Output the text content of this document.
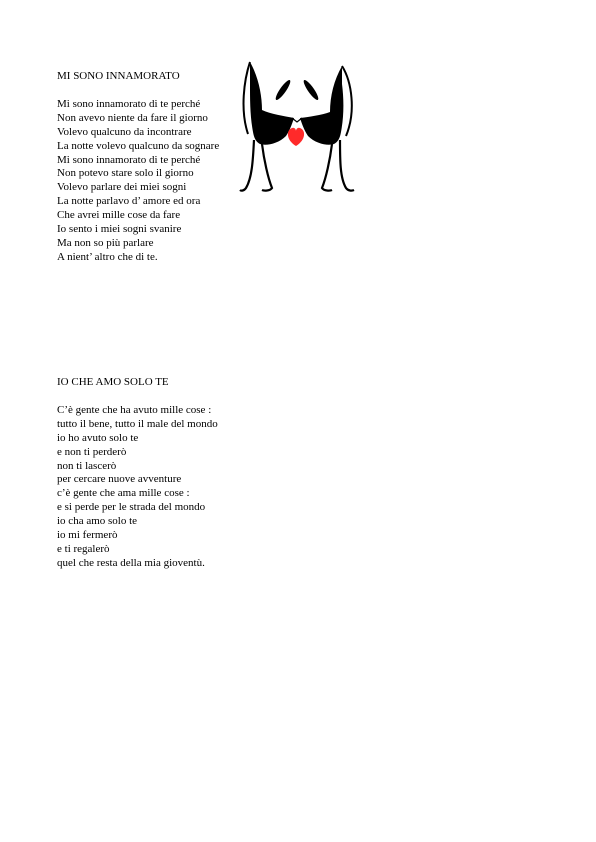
MI SONO INNAMORATO
Mi sono innamorato di te perché
Non avevo niente da fare il giorno
Volevo qualcuno da incontrare
La notte volevo qualcuno da sognare
Mi sono innamorato di te perché
Non potevo stare solo il giorno
Volevo parlare dei miei sogni
La notte parlavo d’ amore ed ora
Che avrei mille cose da fare
Io sento i miei sogni svanire
Ma non so più parlare
A nient’ altro che di te.
IO CHE AMO SOLO TE
C’è gente che ha avuto mille cose :
tutto il bene, tutto il male del mondo
io ho avuto solo te
e non ti perderò
non ti lascerò
per cercare nuove avventure
c’è gente che ama mille cose :
e si perde per le strada del mondo
io cha amo solo te
io mi fermerò
e ti regalerò
quel che resta della mia gioventù.
